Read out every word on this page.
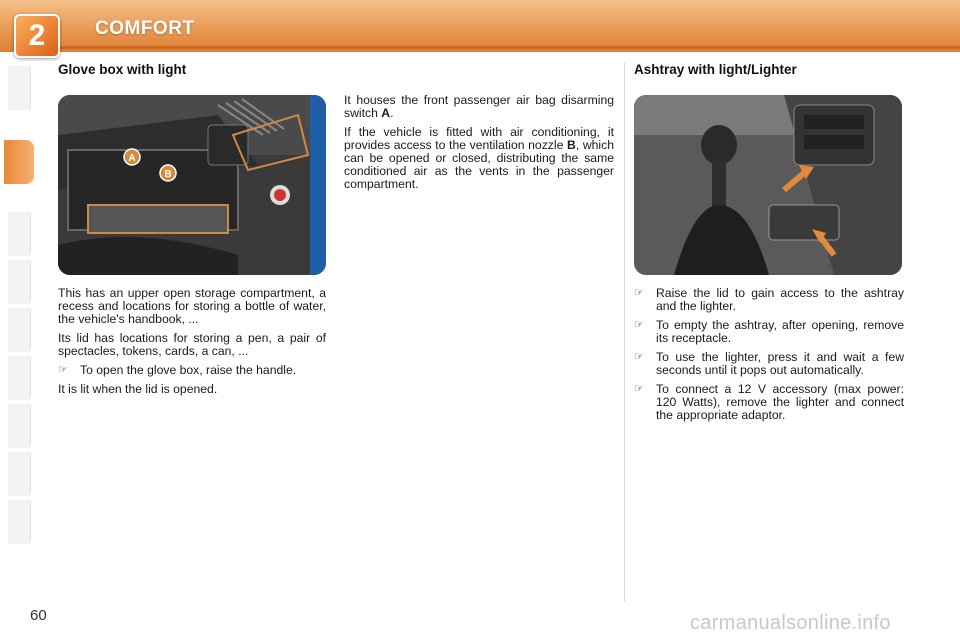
2	COMFORT
Glove box with light
A
B

This has an upper open storage compartment, a recess and locations for storing a bottle of water, the vehicle's handbook, ...

Its lid has locations for storing a pen, a pair of spectacles, tokens, cards, a can, ...

☞ To open the glove box, raise the handle.

It is lit when the lid is opened.

It houses the front passenger air bag disarming switch A.

If the vehicle is fitted with air conditioning, it provides access to the ventilation nozzle B, which can be opened or closed, distributing the same conditioned air as the vents in the passenger compartment.

Ashtray with light/Lighter
☞ Raise the lid to gain access to the ashtray and the lighter.
☞ To empty the ashtray, after opening, remove its receptacle.
☞ To use the lighter, press it and wait a few seconds until it pops out automatically.
☞ To connect a 12 V accessory (max power: 120 Watts), remove the lighter and connect the appropriate adaptor.
60	carmanualsonline.info
